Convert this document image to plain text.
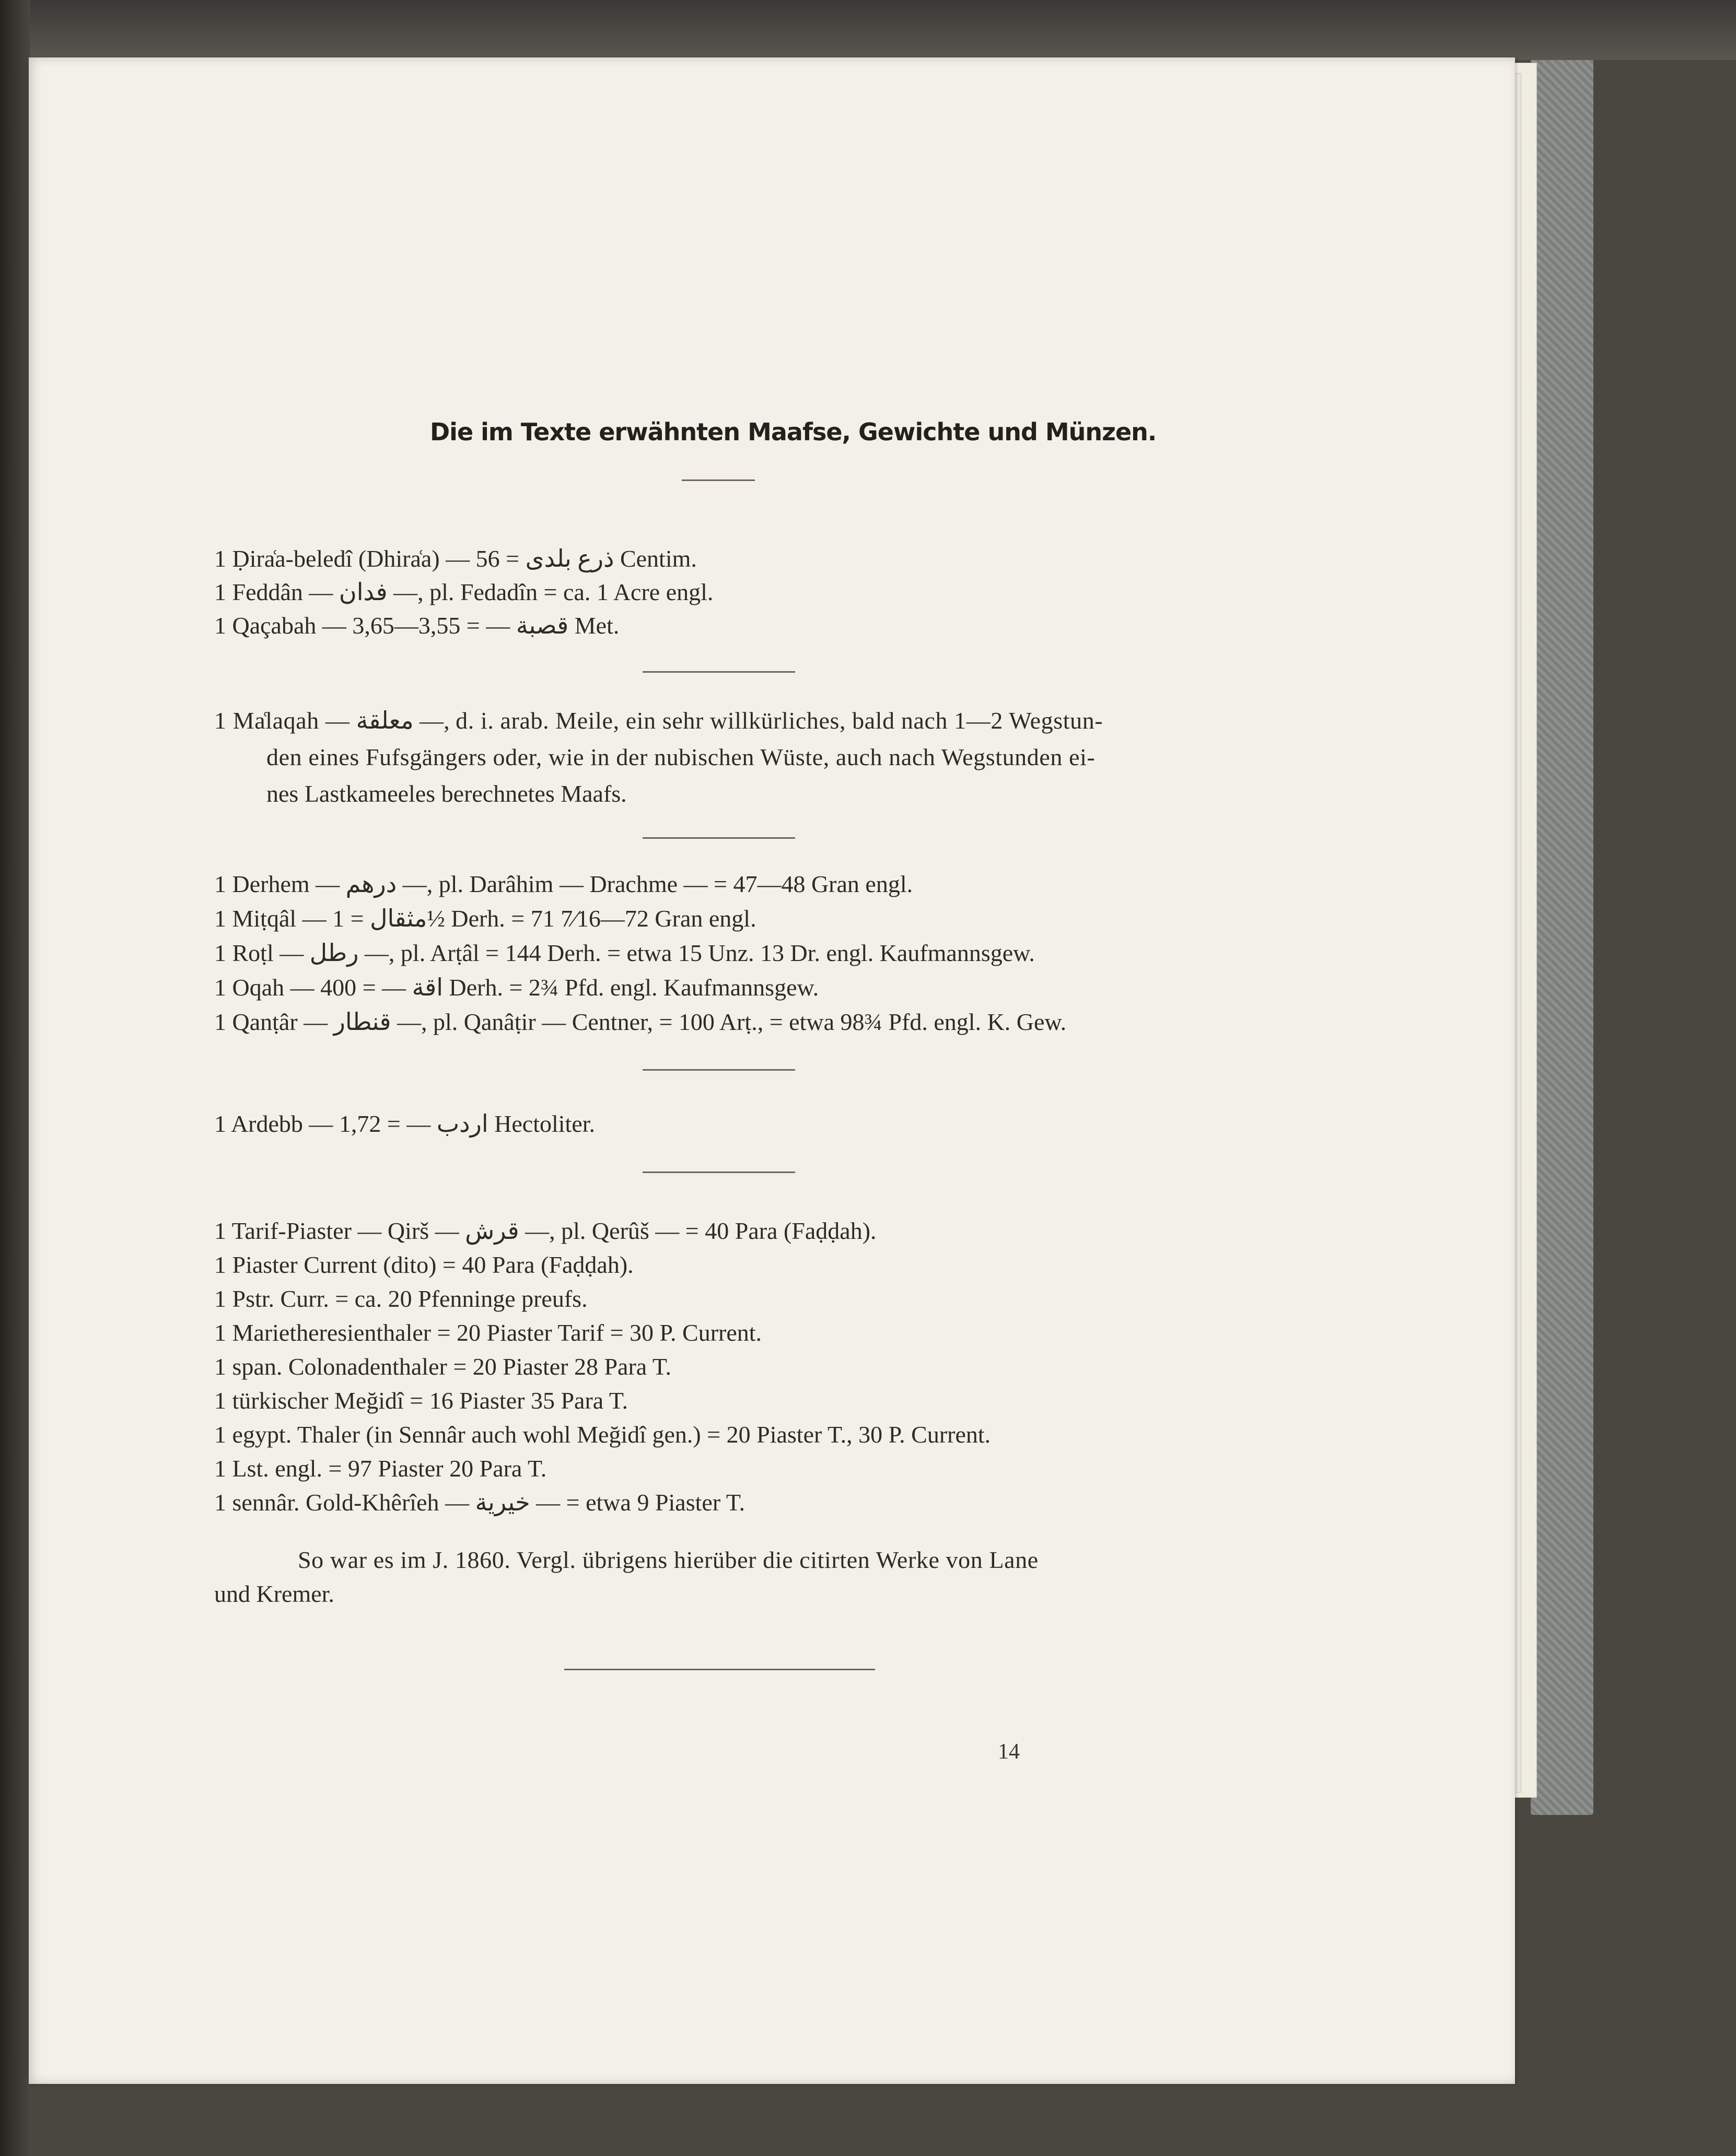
Die im Texte erwähnten Maafse, Gewichte und Münzen.
1 Ḍira͑a-beledî (Dhira͑a) — ذرع بلدى = 56 Centim.
1 Feddân — فدان —, pl. Fedadîn = ca. 1 Acre engl.
1 Qaçabah — قصبة — = 3,55—3,65 Met.
1 Ma͑laqah — معلقة —, d. i. arab. Meile, ein sehr willkürliches, bald nach 1—2 Wegstun-
den eines Fufsgängers oder, wie in der nubischen Wüste, auch nach Wegstunden ei-
nes Lastkameeles berechnetes Maafs.
1 Derhem — درهم —, pl. Darâhim — Drachme — = 47—48 Gran engl.
1 Miṭqâl — مثقال = 1½ Derh. = 71 7⁄16—72 Gran engl.
1 Roṭl — رطل —, pl. Arṭâl = 144 Derh. = etwa 15 Unz. 13 Dr. engl. Kaufmannsgew.
1 Oqah — اقة — = 400 Derh. = 2¾ Pfd. engl. Kaufmannsgew.
1 Qanṭâr — قنطار —, pl. Qanâṭir — Centner, = 100 Arṭ., = etwa 98¾ Pfd. engl. K. Gew.
1 Ardebb — اردب — = 1,72 Hectoliter.
1 Tarif-Piaster — Qirš — قرش —, pl. Qerûš — = 40 Para (Faḍḍah).
1 Piaster Current (dito) = 40 Para (Faḍḍah).
1 Pstr. Curr. = ca. 20 Pfenninge preufs.
1 Marietheresienthaler = 20 Piaster Tarif = 30 P. Current.
1 span. Colonadenthaler = 20 Piaster 28 Para T.
1 türkischer Meğidî = 16 Piaster 35 Para T.
1 egypt. Thaler (in Sennâr auch wohl Meğidî gen.) = 20 Piaster T., 30 P. Current.
1 Lst. engl. = 97 Piaster 20 Para T.
1 sennâr. Gold-Khêrîeh — خيرية — = etwa 9 Piaster T.
So war es im J. 1860. Vergl. übrigens hierüber die citirten Werke von Lane
und Kremer.
14
